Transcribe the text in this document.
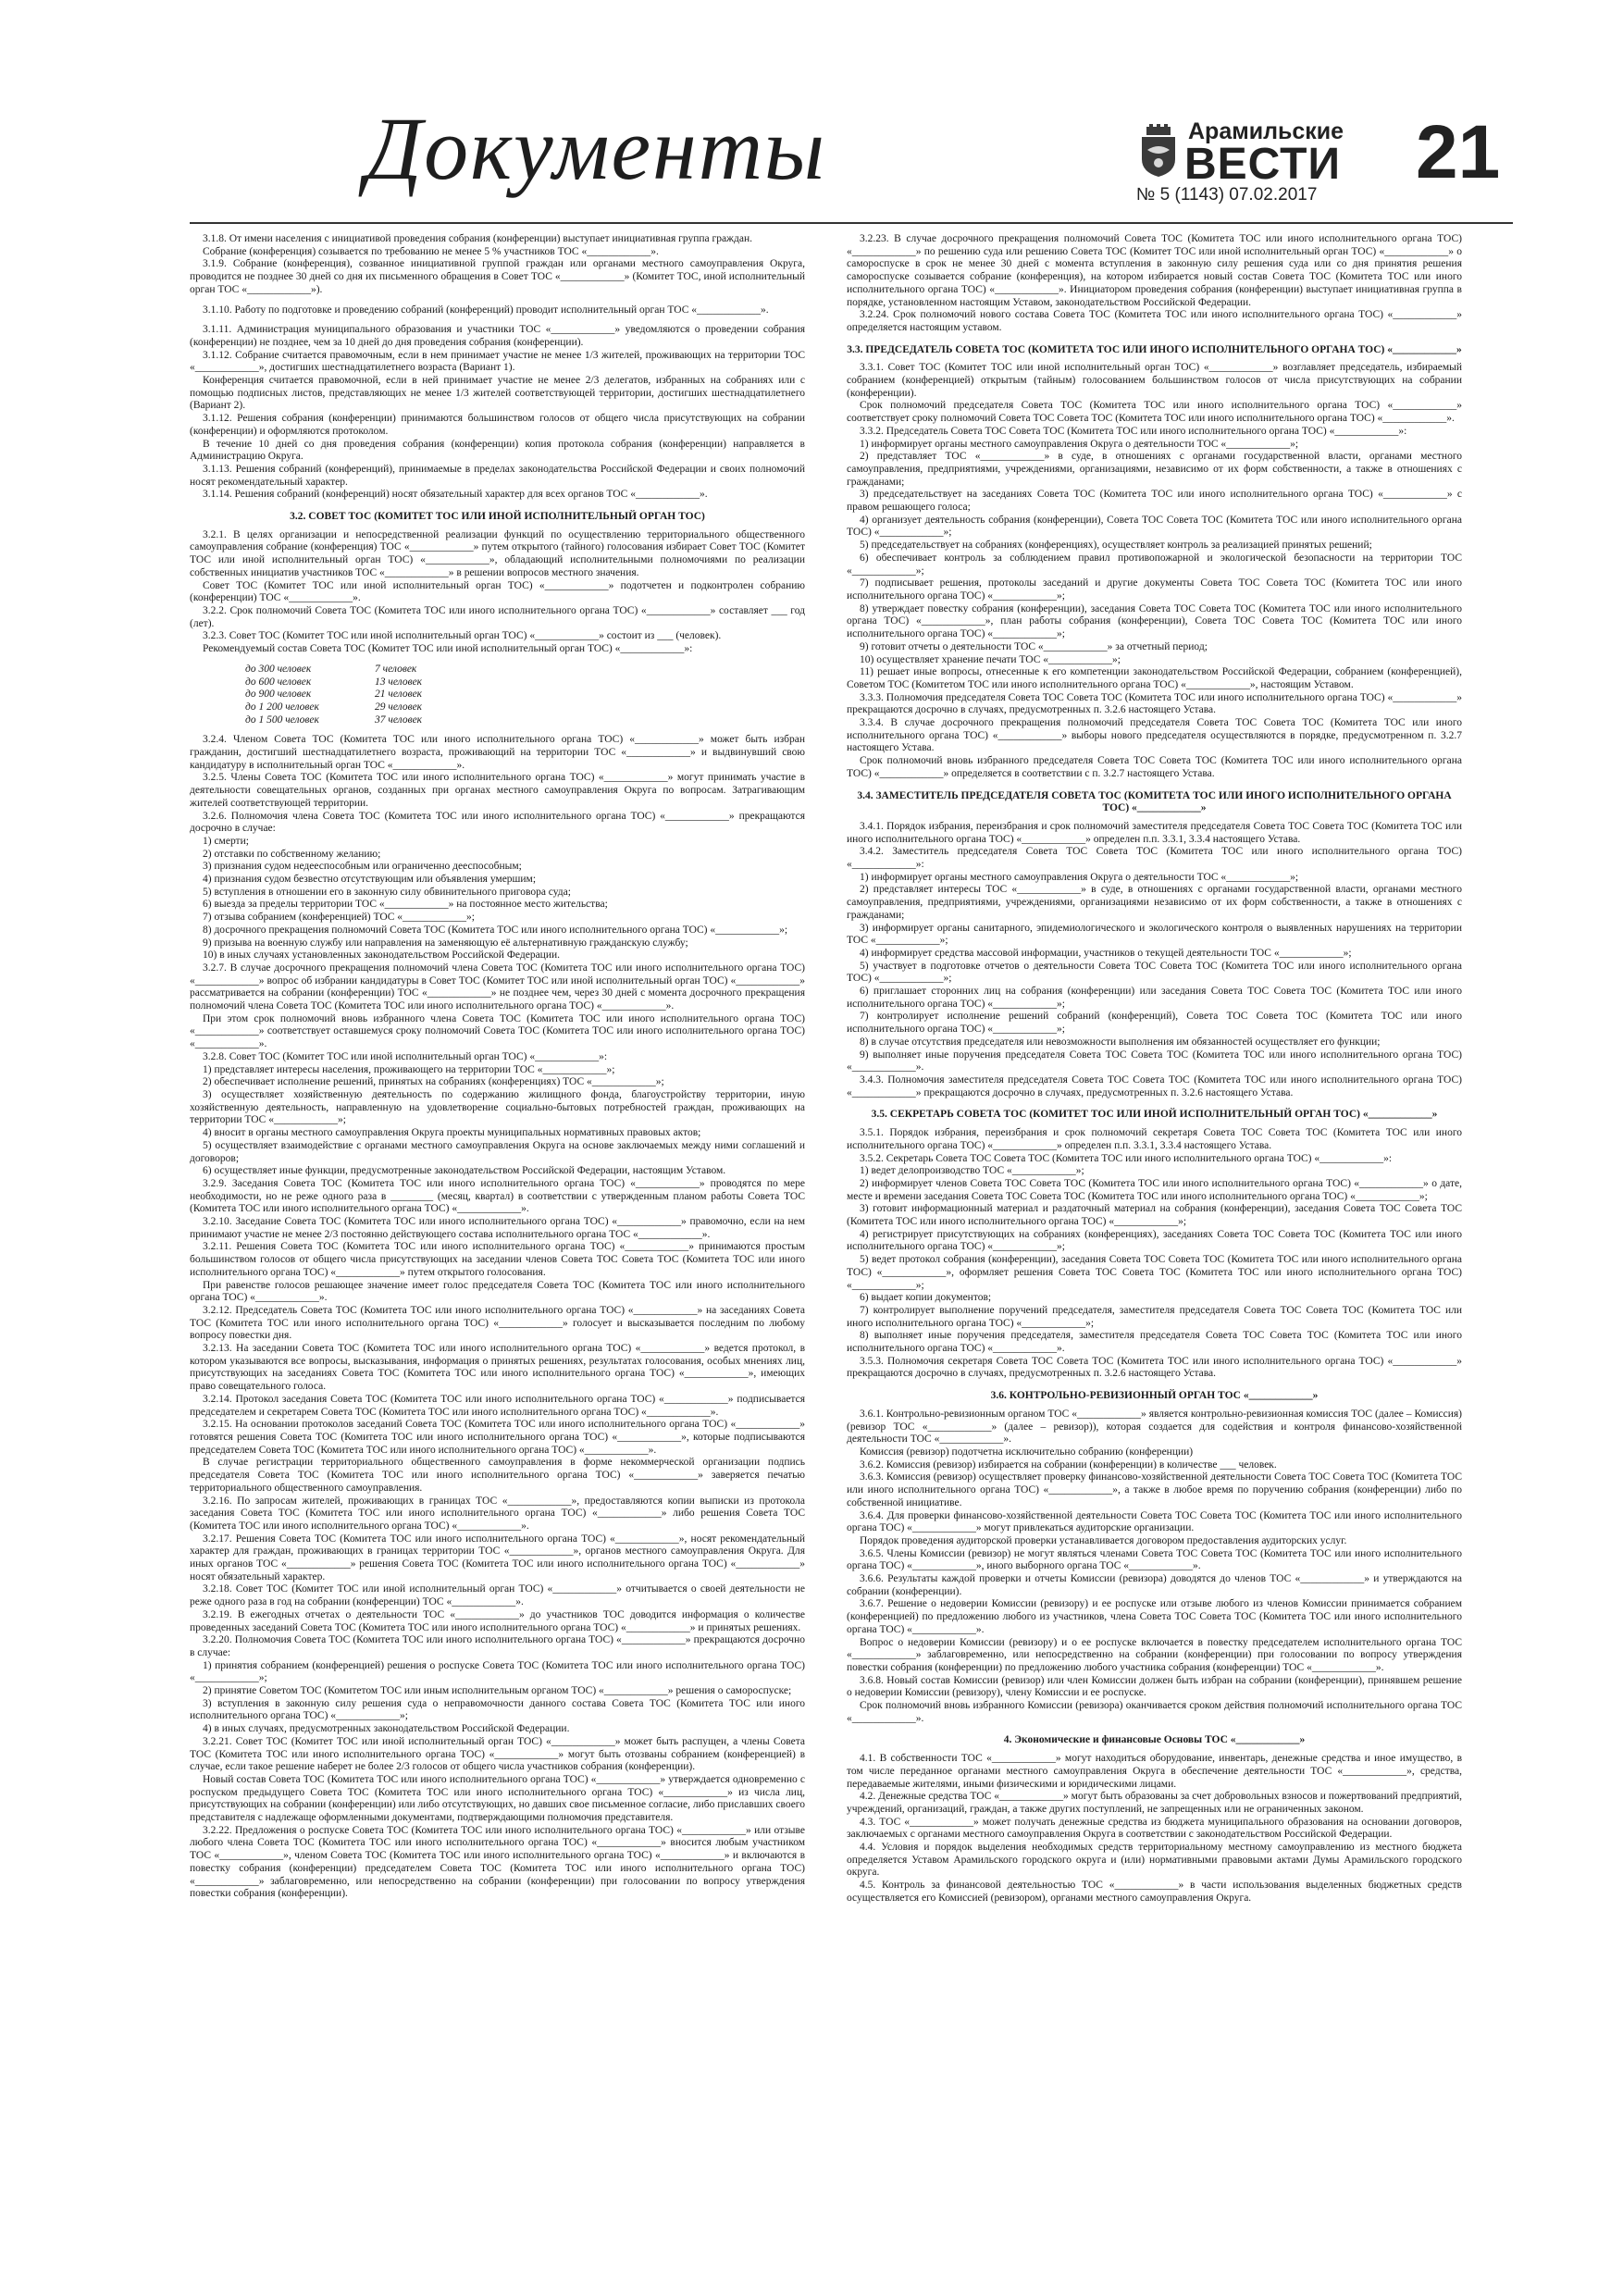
Документы	Арамильские
ВЕСТИ 21
№ 5 (1143) 07.02.2017

3.1.8. От имени населения с инициативой проведения собрания (конференции) выступает инициативная группа граждан.

Собрание (конференция) созывается по требованию не менее 5 % участников ТОС «____________».

3.1.9. Собрание (конференция), созванное инициативной группой граждан или органами местного самоуправления Округа, проводится не позднее 30 дней со дня их письменного обращения в Совет ТОС «____________» (Комитет ТОС, иной исполнительный орган ТОС «____________»).

3.1.10. Работу по подготовке и проведению собраний (конференций) проводит исполнительный орган ТОС «____________».

3.1.11. Администрация муниципального образования и участники ТОС «____________» уведомляются о проведении собрания (конференции) не позднее, чем за 10 дней до дня проведения собрания (конференции).

3.1.12. Собрание считается правомочным, если в нем принимает участие не менее 1/3 жителей, проживающих на территории ТОС «____________», достигших шестнадцатилетнего возраста (Вариант 1).

Конференция считается правомочной, если в ней принимает участие не менее 2/3 делегатов, избранных на собраниях или с помощью подписных листов, представляющих не менее 1/3 жителей соответствующей территории, достигших шестнадцатилетнего (Вариант 2).

3.1.12. Решения собрания (конференции) принимаются большинством голосов от общего числа присутствующих на собрании (конференции) и оформляются протоколом.

В течение 10 дней со дня проведения собрания (конференции) копия протокола собрания (конференции) направляется в Администрацию Округа.

3.1.13. Решения собраний (конференций), принимаемые в пределах законодательства Российской Федерации и своих полномочий носят рекомендательный характер.

3.1.14. Решения собраний (конференций) носят обязательный характер для всех органов ТОС «____________».

3.2. СОВЕТ ТОС (КОМИТЕТ ТОС ИЛИ ИНОЙ ИСПОЛНИТЕЛЬНЫЙ ОРГАН ТОС)

3.2.1. В целях организации и непосредственной реализации функций по осуществлению территориального общественного самоуправления собрание (конференция) ТОС «____________» путем открытого (тайного) голосования избирает Совет ТОС (Комитет ТОС или иной исполнительный орган ТОС) «____________», обладающий исполнительными полномочиями по реализации собственных инициатив участников ТОС «____________» в решении вопросов местного значения.

Совет ТОС (Комитет ТОС или иной исполнительный орган ТОС) «____________» подотчетен и подконтролен собранию (конференции) ТОС «____________».

3.2.2. Срок полномочий Совета ТОС (Комитета ТОС или иного исполнительного органа ТОС) «____________» составляет ___ год (лет).

3.2.3. Совет ТОС (Комитет ТОС или иной исполнительный орган ТОС) «____________» состоит из ___ (человек).

Рекомендуемый состав Совета ТОС (Комитет ТОС или иной исполнительный орган ТОС) «____________»:

до 300 человек	7 человек
до 600 человек	13 человек
до 900 человек	21 человек
до 1 200 человек	29 человек
до 1 500 человек	37 человек

3.2.4. Членом Совета ТОС (Комитета ТОС или иного исполнительного органа ТОС) «____________» может быть избран гражданин, достигший шестнадцатилетнего возраста, проживающий на территории ТОС «____________» и выдвинувший свою кандидатуру в исполнительный орган ТОС «____________».

3.2.5. Члены Совета ТОС (Комитета ТОС или иного исполнительного органа ТОС) «____________» могут принимать участие в деятельности совещательных органов, созданных при органах местного самоуправления Округа по вопросам. Затрагивающим жителей соответствующей территории.

3.2.6. Полномочия члена Совета ТОС (Комитета ТОС или иного исполнительного органа ТОС) «____________» прекращаются досрочно в случае:

1) смерти;

2) отставки по собственному желанию;

3) признания судом недееспособным или ограниченно дееспособным;

4) признания судом безвестно отсутствующим или объявления умершим;

5) вступления в отношении его в законную силу обвинительного приговора суда;

6) выезда за пределы территории ТОС «____________» на постоянное место жительства;

7) отзыва собранием (конференцией) ТОС «____________»;

8) досрочного прекращения полномочий Совета ТОС (Комитета ТОС или иного исполнительного органа ТОС) «____________»;

9) призыва на военную службу или направления на заменяющую её альтернативную гражданскую службу;

10) в иных случаях установленных законодательством Российской Федерации.

3.2.7. В случае досрочного прекращения полномочий члена Совета ТОС (Комитета ТОС или иного исполнительного органа ТОС) «____________» вопрос об избрании кандидатуры в Совет ТОС (Комитет ТОС или иной исполнительный орган ТОС) «____________» рассматривается на собрании (конференции) ТОС «____________» не позднее чем, через 30 дней с момента досрочного прекращения полномочий члена Совета ТОС (Комитета ТОС или иного исполнительного органа ТОС) «____________».

При этом срок полномочий вновь избранного члена Совета ТОС (Комитета ТОС или иного исполнительного органа ТОС) «____________» соответствует оставшемуся сроку полномочий Совета ТОС (Комитета ТОС или иного исполнительного органа ТОС) «____________».

3.2.8. Совет ТОС (Комитет ТОС или иной исполнительный орган ТОС) «____________»:

1) представляет интересы населения, проживающего на территории ТОС «____________»;

2) обеспечивает исполнение решений, принятых на собраниях (конференциях) ТОС «____________»;

3) осуществляет хозяйственную деятельность по содержанию жилищного фонда, благоустройству территории, иную хозяйственную деятельность, направленную на удовлетворение социально-бытовых потребностей граждан, проживающих на территории ТОС «____________»;

4) вносит в органы местного самоуправления Округа проекты муниципальных нормативных правовых актов;

5) осуществляет взаимодействие с органами местного самоуправления Округа на основе заключаемых между ними соглашений и договоров;

6) осуществляет иные функции, предусмотренные законодательством Российской Федерации, настоящим Уставом.

3.2.9. Заседания Совета ТОС (Комитета ТОС или иного исполнительного органа ТОС) «____________» проводятся по мере необходимости, но не реже одного раза в ________ (месяц, квартал) в соответствии с утвержденным планом работы Совета ТОС (Комитета ТОС или иного исполнительного органа ТОС) «____________».

3.2.10. Заседание Совета ТОС (Комитета ТОС или иного исполнительного органа ТОС) «____________» правомочно, если на нем принимают участие не менее 2/3 постоянно действующего состава исполнительного органа ТОС «____________».

3.2.11. Решения Совета ТОС (Комитета ТОС или иного исполнительного органа ТОС) «____________» принимаются простым большинством голосов от общего числа присутствующих на заседании членов Совета ТОС Совета ТОС (Комитета ТОС или иного исполнительного органа ТОС) «____________» путем открытого голосования.

При равенстве голосов решающее значение имеет голос председателя Совета ТОС (Комитета ТОС или иного исполнительного органа ТОС) «____________».

3.2.12. Председатель Совета ТОС (Комитета ТОС или иного исполнительного органа ТОС) «____________» на заседаниях Совета ТОС (Комитета ТОС или иного исполнительного органа ТОС) «____________» голосует и высказывается последним по любому вопросу повестки дня.

3.2.13. На заседании Совета ТОС (Комитета ТОС или иного исполнительного органа ТОС) «____________» ведется протокол, в котором указываются все вопросы, высказывания, информация о принятых решениях, результатах голосования, особых мнениях лиц, присутствующих на заседаниях Совета ТОС (Комитета ТОС или иного исполнительного органа ТОС) «____________», имеющих право совещательного голоса.

3.2.14. Протокол заседания Совета ТОС (Комитета ТОС или иного исполнительного органа ТОС) «____________» подписывается председателем и секретарем Совета ТОС (Комитета ТОС или иного исполнительного органа ТОС) «____________».

3.2.15. На основании протоколов заседаний Совета ТОС (Комитета ТОС или иного исполнительного органа ТОС) «____________» готовятся решения Совета ТОС (Комитета ТОС или иного исполнительного органа ТОС) «____________», которые подписываются председателем Совета ТОС (Комитета ТОС или иного исполнительного органа ТОС) «____________».

В случае регистрации территориального общественного самоуправления в форме некоммерческой организации подпись председателя Совета ТОС (Комитета ТОС или иного исполнительного органа ТОС) «____________» заверяется печатью территориального общественного самоуправления.

3.2.16. По запросам жителей, проживающих в границах ТОС «____________», предоставляются копии выписки из протокола заседания Совета ТОС (Комитета ТОС или иного исполнительного органа ТОС) «____________» либо решения Совета ТОС (Комитета ТОС или иного исполнительного органа ТОС) «____________».

3.2.17. Решения Совета ТОС (Комитета ТОС или иного исполнительного органа ТОС) «____________», носят рекомендательный характер для граждан, проживающих в границах территории ТОС «____________», органов местного самоуправления Округа. Для иных органов ТОС «____________» решения Совета ТОС (Комитета ТОС или иного исполнительного органа ТОС) «____________» носят обязательный характер.

3.2.18. Совет ТОС (Комитет ТОС или иной исполнительный орган ТОС) «____________» отчитывается о своей деятельности не реже одного раза в год на собрании (конференции) ТОС «____________».

3.2.19. В ежегодных отчетах о деятельности ТОС «____________» до участников ТОС доводится информация о количестве проведенных заседаний Совета ТОС (Комитета ТОС или иного исполнительного органа ТОС) «____________» и принятых решениях.

3.2.20. Полномочия Совета ТОС (Комитета ТОС или иного исполнительного органа ТОС) «____________» прекращаются досрочно в случае:

1) принятия собранием (конференцией) решения о роспуске Совета ТОС (Комитета ТОС или иного исполнительного органа ТОС) «____________»;

2) принятие Советом ТОС (Комитетом ТОС или иным исполнительным органом ТОС) «____________» решения о самороспуске;

3) вступления в законную силу решения суда о неправомочности данного состава Совета ТОС (Комитета ТОС или иного исполнительного органа ТОС) «____________»;

4) в иных случаях, предусмотренных законодательством Российской Федерации.

3.2.21. Совет ТОС (Комитет ТОС или иной исполнительный орган ТОС) «____________» может быть распущен, а члены Совета ТОС (Комитета ТОС или иного исполнительного органа ТОС) «____________» могут быть отозваны собранием (конференцией) в случае, если такое решение наберет не более 2/3 голосов от общего числа участников собрания (конференции).

Новый состав Совета ТОС (Комитета ТОС или иного исполнительного органа ТОС) «____________» утверждается одновременно с роспуском предыдущего Совета ТОС (Комитета ТОС или иного исполнительного органа ТОС) «____________» из числа лиц, присутствующих на собрании (конференции) или либо отсутствующих, но давших свое письменное согласие, либо приславших своего представителя с надлежаще оформленными документами, подтверждающими полномочия представителя.

3.2.22. Предложения о роспуске Совета ТОС (Комитета ТОС или иного исполнительного органа ТОС) «____________» или отзыве любого члена Совета ТОС (Комитета ТОС или иного исполнительного органа ТОС) «____________» вносится любым участником ТОС «____________», членом Совета ТОС (Комитета ТОС или иного исполнительного органа ТОС) «____________» и включаются в повестку собрания (конференции) председателем Совета ТОС (Комитета ТОС или иного исполнительного органа ТОС) «____________» заблаговременно, или непосредственно на собрании (конференции) при голосовании по вопросу утверждения повестки собрания (конференции).

3.2.23. В случае досрочного прекращения полномочий Совета ТОС (Комитета ТОС или иного исполнительного органа ТОС) «____________» по решению суда или решению Совета ТОС (Комитет ТОС или иной исполнительный орган ТОС) «____________» о самороспуске в срок не менее 30 дней с момента вступления в законную силу решения суда или со дня принятия решения самороспуске созывается собрание (конференция), на котором избирается новый состав Совета ТОС (Комитета ТОС или иного исполнительного органа ТОС) «____________». Инициатором проведения собрания (конференции) выступает инициативная группа в порядке, установленном настоящим Уставом, законодательством Российской Федерации.

3.2.24. Срок полномочий нового состава Совета ТОС (Комитета ТОС или иного исполнительного органа ТОС) «____________» определяется настоящим уставом.

3.3. ПРЕДСЕДАТЕЛЬ СОВЕТА ТОС (КОМИТЕТА ТОС ИЛИ ИНОГО ИСПОЛНИТЕЛЬНОГО ОРГАНА ТОС) «____________»

3.3.1. Совет ТОС (Комитет ТОС или иной исполнительный орган ТОС) «____________» возглавляет председатель, избираемый собранием (конференцией) открытым (тайным) голосованием большинством голосов от числа присутствующих на собрании (конференции).

Срок полномочий председателя Совета ТОС (Комитета ТОС или иного исполнительного органа ТОС) «____________» соответствует сроку полномочий Совета ТОС Совета ТОС (Комитета ТОС или иного исполнительного органа ТОС) «____________».

3.3.2. Председатель Совета ТОС Совета ТОС (Комитета ТОС или иного исполнительного органа ТОС) «____________»:

1) информирует органы местного самоуправления Округа о деятельности ТОС «____________»;

2) представляет ТОС «____________» в суде, в отношениях с органами государственной власти, органами местного самоуправления, предприятиями, учреждениями, организациями, независимо от их форм собственности, а также в отношениях с гражданами;

3) председательствует на заседаниях Совета ТОС (Комитета ТОС или иного исполнительного органа ТОС) «____________» с правом решающего голоса;

4) организует деятельность собрания (конференции), Совета ТОС Совета ТОС (Комитета ТОС или иного исполнительного органа ТОС) «____________»;

5) председательствует на собраниях (конференциях), осуществляет контроль за реализацией принятых решений;

6) обеспечивает контроль за соблюдением правил противопожарной и экологической безопасности на территории ТОС «____________»;

7) подписывает решения, протоколы заседаний и другие документы Совета ТОС Совета ТОС (Комитета ТОС или иного исполнительного органа ТОС) «____________»;

8) утверждает повестку собрания (конференции), заседания Совета ТОС Совета ТОС (Комитета ТОС или иного исполнительного органа ТОС) «____________», план работы собрания (конференции), Совета ТОС Совета ТОС (Комитета ТОС или иного исполнительного органа ТОС) «____________»;

9) готовит отчеты о деятельности ТОС «____________» за отчетный период;

10) осуществляет хранение печати ТОС «____________»;

11) решает иные вопросы, отнесенные к его компетенции законодательством Российской Федерации, собранием (конференцией), Советом ТОС (Комитетом ТОС или иного исполнительного органа ТОС) «____________», настоящим Уставом.

3.3.3. Полномочия председателя Совета ТОС Совета ТОС (Комитета ТОС или иного исполнительного органа ТОС) «____________» прекращаются досрочно в случаях, предусмотренных п. 3.2.6 настоящего Устава.

3.3.4. В случае досрочного прекращения полномочий председателя Совета ТОС Совета ТОС (Комитета ТОС или иного исполнительного органа ТОС) «____________» выборы нового председателя осуществляются в порядке, предусмотренном п. 3.2.7 настоящего Устава.

Срок полномочий вновь избранного председателя Совета ТОС Совета ТОС (Комитета ТОС или иного исполнительного органа ТОС) «____________» определяется в соответствии с п. 3.2.7 настоящего Устава.

3.4. ЗАМЕСТИТЕЛЬ ПРЕДСЕДАТЕЛЯ СОВЕТА ТОС (КОМИТЕТА ТОС ИЛИ ИНОГО ИСПОЛНИТЕЛЬНОГО ОРГАНА ТОС) «____________»

3.4.1. Порядок избрания, переизбрания и срок полномочий заместителя председателя Совета ТОС Совета ТОС (Комитета ТОС или иного исполнительного органа ТОС) «____________» определен п.п. 3.3.1, 3.3.4 настоящего Устава.

3.4.2. Заместитель председателя Совета ТОС Совета ТОС (Комитета ТОС или иного исполнительного органа ТОС) «____________»:

1) информирует органы местного самоуправления Округа о деятельности ТОС «____________»;

2) представляет интересы ТОС «____________» в суде, в отношениях с органами государственной власти, органами местного самоуправления, предприятиями, учреждениями, организациями независимо от их форм собственности, а также в отношениях с гражданами;

3) информирует органы санитарного, эпидемиологического и экологического контроля о выявленных нарушениях на территории ТОС «____________»;

4) информирует средства массовой информации, участников о текущей деятельности ТОС «____________»;

5) участвует в подготовке отчетов о деятельности Совета ТОС Совета ТОС (Комитета ТОС или иного исполнительного органа ТОС) «____________»;

6) приглашает сторонних лиц на собрания (конференции) или заседания Совета ТОС Совета ТОС (Комитета ТОС или иного исполнительного органа ТОС) «____________»;

7) контролирует исполнение решений собраний (конференций), Совета ТОС Совета ТОС (Комитета ТОС или иного исполнительного органа ТОС) «____________»;

8) в случае отсутствия председателя или невозможности выполнения им обязанностей осуществляет его функции;

9) выполняет иные поручения председателя Совета ТОС Совета ТОС (Комитета ТОС или иного исполнительного органа ТОС) «____________».

3.4.3. Полномочия заместителя председателя Совета ТОС Совета ТОС (Комитета ТОС или иного исполнительного органа ТОС) «____________» прекращаются досрочно в случаях, предусмотренных п. 3.2.6 настоящего Устава.

3.5. СЕКРЕТАРЬ СОВЕТА ТОС (КОМИТЕТ ТОС ИЛИ ИНОЙ ИСПОЛНИТЕЛЬНЫЙ ОРГАН ТОС) «____________»

3.5.1. Порядок избрания, переизбрания и срок полномочий секретаря Совета ТОС Совета ТОС (Комитета ТОС или иного исполнительного органа ТОС) «____________» определен п.п. 3.3.1, 3.3.4 настоящего Устава.

3.5.2. Секретарь Совета ТОС Совета ТОС (Комитета ТОС или иного исполнительного органа ТОС) «____________»:

1) ведет делопроизводство ТОС «____________»;

2) информирует членов Совета ТОС Совета ТОС (Комитета ТОС или иного исполнительного органа ТОС) «____________» о дате, месте и времени заседания Совета ТОС Совета ТОС (Комитета ТОС или иного исполнительного органа ТОС) «____________»;

3) готовит информационный материал и раздаточный материал на собрания (конференции), заседания Совета ТОС Совета ТОС (Комитета ТОС или иного исполнительного органа ТОС) «____________»;

4) регистрирует присутствующих на собраниях (конференциях), заседаниях Совета ТОС Совета ТОС (Комитета ТОС или иного исполнительного органа ТОС) «____________»;

5) ведет протокол собрания (конференции), заседания Совета ТОС Совета ТОС (Комитета ТОС или иного исполнительного органа ТОС) «____________», оформляет решения Совета ТОС Совета ТОС (Комитета ТОС или иного исполнительного органа ТОС) «____________»;

6) выдает копии документов;

7) контролирует выполнение поручений председателя, заместителя председателя Совета ТОС Совета ТОС (Комитета ТОС или иного исполнительного органа ТОС) «____________»;

8) выполняет иные поручения председателя, заместителя председателя Совета ТОС Совета ТОС (Комитета ТОС или иного исполнительного органа ТОС) «____________».

3.5.3. Полномочия секретаря Совета ТОС Совета ТОС (Комитета ТОС или иного исполнительного органа ТОС) «____________» прекращаются досрочно в случаях, предусмотренных п. 3.2.6 настоящего Устава.

3.6. КОНТРОЛЬНО-РЕВИЗИОННЫЙ ОРГАН ТОС «____________»

3.6.1. Контрольно-ревизионным органом ТОС «____________» является контрольно-ревизионная комиссия ТОС (далее – Комиссия) (ревизор ТОС «____________» (далее – ревизор)), которая создается для содействия и контроля финансово-хозяйственной деятельности ТОС «____________».

Комиссия (ревизор) подотчетна исключительно собранию (конференции)

3.6.2. Комиссия (ревизор) избирается на собрании (конференции) в количестве ___ человек.

3.6.3. Комиссия (ревизор) осуществляет проверку финансово-хозяйственной деятельности Совета ТОС Совета ТОС (Комитета ТОС или иного исполнительного органа ТОС) «____________», а также в любое время по поручению собрания (конференции) либо по собственной инициативе.

3.6.4. Для проверки финансово-хозяйственной деятельности Совета ТОС Совета ТОС (Комитета ТОС или иного исполнительного органа ТОС) «____________» могут привлекаться аудиторские организации.

Порядок проведения аудиторской проверки устанавливается договором предоставления аудиторских услуг.

3.6.5. Члены Комиссии (ревизор) не могут являться членами Совета ТОС Совета ТОС (Комитета ТОС или иного исполнительного органа ТОС) «____________», иного выборного органа ТОС «____________».

3.6.6. Результаты каждой проверки и отчеты Комиссии (ревизора) доводятся до членов ТОС «____________» и утверждаются на собрании (конференции).

3.6.7. Решение о недоверии Комиссии (ревизору) и ее роспуске или отзыве любого из членов Комиссии принимается собранием (конференцией) по предложению любого из участников, члена Совета ТОС Совета ТОС (Комитета ТОС или иного исполнительного органа ТОС) «____________».

Вопрос о недоверии Комиссии (ревизору) и о ее роспуске включается в повестку председателем исполнительного органа ТОС «____________» заблаговременно, или непосредственно на собрании (конференции) при голосовании по вопросу утверждения повестки собрания (конференции) по предложению любого участника собрания (конференции) ТОС «____________».

3.6.8. Новый состав Комиссии (ревизор) или член Комиссии должен быть избран на собрании (конференции), принявшем решение о недоверии Комиссии (ревизору), члену Комиссии и ее роспуске.

Срок полномочий вновь избранного Комиссии (ревизора) оканчивается сроком действия полномочий исполнительного органа ТОС «____________».

4. Экономические и финансовые Основы ТОС «____________»

4.1. В собственности ТОС «____________» могут находиться оборудование, инвентарь, денежные средства и иное имущество, в том числе переданное органами местного самоуправления Округа в обеспечение деятельности ТОС «____________», средства, передаваемые жителями, иными физическими и юридическими лицами.

4.2. Денежные средства ТОС «____________» могут быть образованы за счет добровольных взносов и пожертвований предприятий, учреждений, организаций, граждан, а также других поступлений, не запрещенных или не ограниченных законом.

4.3. ТОС «____________» может получать денежные средства из бюджета муниципального образования на основании договоров, заключаемых с органами местного самоуправления Округа в соответствии с законодательством Российской Федерации.

4.4. Условия и порядок выделения необходимых средств территориальному местному самоуправлению из местного бюджета определяется Уставом Арамильского городского округа и (или) нормативными правовыми актами Думы Арамильского городского округа.

4.5. Контроль за финансовой деятельностью ТОС «____________» в части использования выделенных бюджетных средств осуществляется его Комиссией (ревизором), органами местного самоуправления Округа.
